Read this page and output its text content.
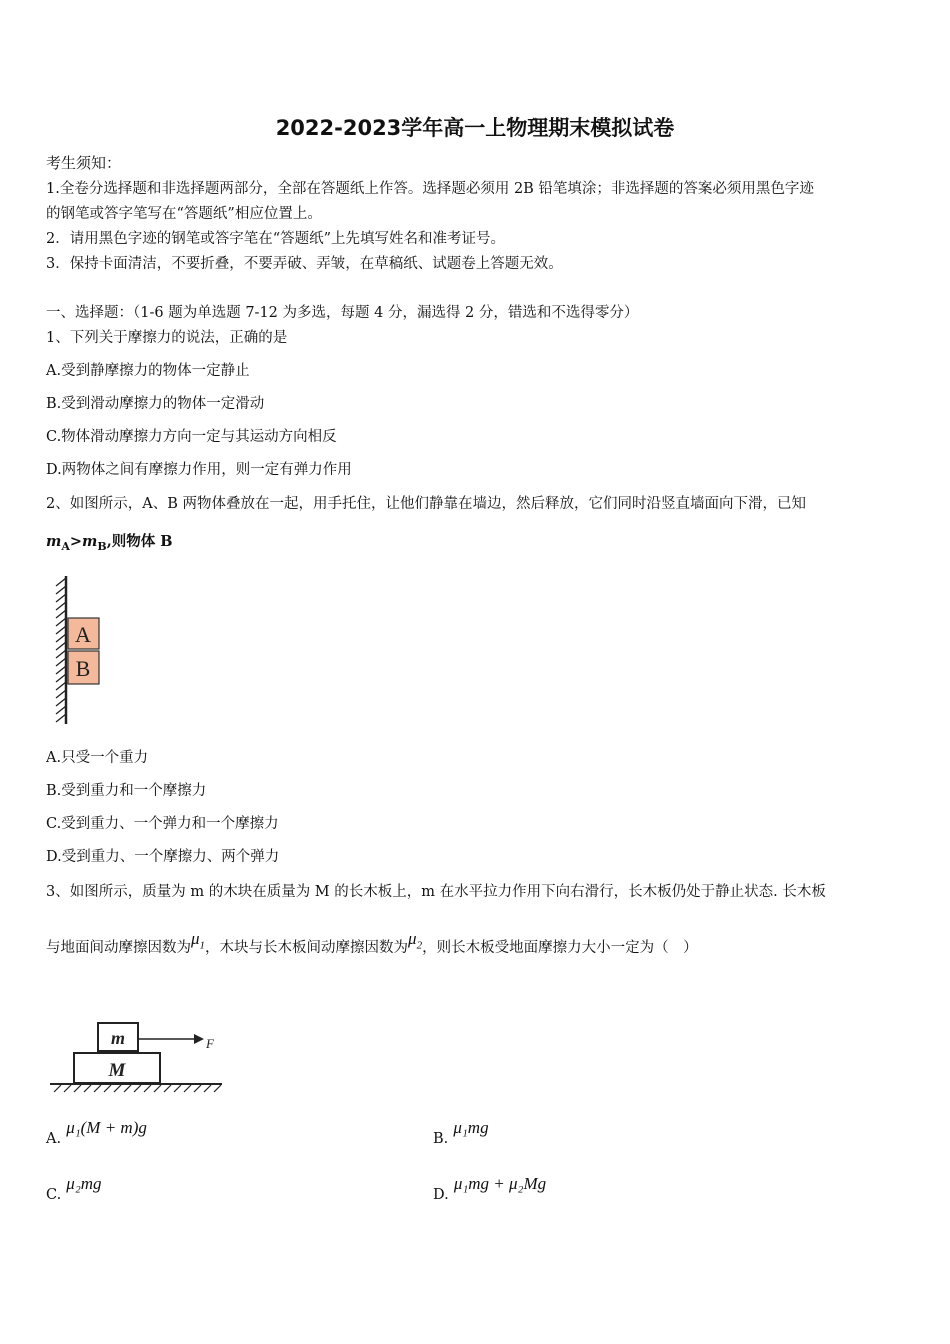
2022-2023学年高一上物理期末模拟试卷
考生须知：
1.全卷分选择题和非选择题两部分，全部在答题纸上作答。选择题必须用 2B 铅笔填涂；非选择题的答案必须用黑色字迹
的钢笔或答字笔写在“答题纸”相应位置上。
2．请用黑色字迹的钢笔或答字笔在“答题纸”上先填写姓名和准考证号。
3．保持卡面清洁，不要折叠，不要弄破、弄皱，在草稿纸、试题卷上答题无效。
一、选择题：（1-6 题为单选题 7-12 为多选，每题 4 分，漏选得 2 分，错选和不选得零分）
1、下列关于摩擦力的说法，正确的是
A.受到静摩擦力的物体一定静止
B.受到滑动摩擦力的物体一定滑动
C.物体滑动摩擦力方向一定与其运动方向相反
D.两物体之间有摩擦力作用，则一定有弹力作用
2、如图所示，A、B 两物体叠放在一起，用手托住，让他们静靠在墙边，然后释放，它们同时沿竖直墙面向下滑，已知
$m_A>m_B$,则物体 B
A
B
A.只受一个重力
B.受到重力和一个摩擦力
C.受到重力、一个弹力和一个摩擦力
D.受到重力、一个摩擦力、两个弹力
3、如图所示，质量为 m 的木块在质量为 M 的长木板上，m 在水平拉力作用下向右滑行，长木板仍处于静止状态. 长木板
与地面间动摩擦因数为$\mu_1$，木块与长木板间动摩擦因数为$\mu_2$，则长木板受地面摩擦力大小一定为（　）
m
M
F
A. μ₁(M + m)g
B. μ₁mg
C. μ₂mg
D. μ₁mg + μ₂Mg
